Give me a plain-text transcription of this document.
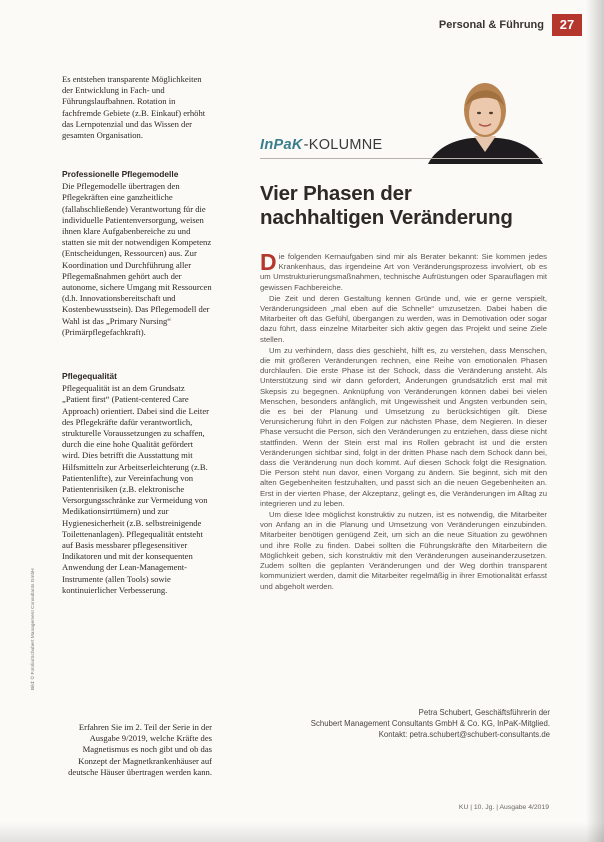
Personal & Führung	27

Es entstehen transparente Möglichkeiten der Entwicklung in Fach- und Führungslaufbahnen. Rotation in fachfremde Gebiete (z.B. Einkauf) erhöht das Lernpotenzial und das Wissen der gesamten Organisation.

Professionelle Pflegemodelle

Die Pflegemodelle übertragen den Pflegekräften eine ganzheitliche (fallabschließende) Verantwortung für die individuelle Patientenversorgung, weisen ihnen klare Aufgabenbereiche zu und statten sie mit der notwendigen Kompetenz (Entscheidungen, Ressourcen) aus. Zur Koordination und Durchführung aller Pflegemaßnahmen gehört auch der autonome, sichere Umgang mit Ressourcen (d.h. Innovationsbereitschaft und Kostenbewusstsein). Das Pflegemodell der Wahl ist das „Primary Nursing“ (Primärpflegefachkraft).

Pflegequalität

Pflegequalität ist an dem Grundsatz „Patient first“ (Patient-centered Care Approach) orientiert. Dabei sind die Leiter des Pflegekräfte dafür verantwortlich, strukturelle Voraussetzungen zu schaffen, durch die eine hohe Qualität gefördert wird. Dies betrifft die Ausstattung mit Hilfsmitteln zur Arbeitserleichterung (z.B. Patientenlifte), zur Vereinfachung von Patientenrisiken (z.B. elektronische Versorgungsschränke zur Vermeidung von Medikationsirrtümern) und zur Hygienesicherheit (z.B. selbstreinigende Toilettenanlagen). Pflegequalität entsteht auf Basis messbarer pflegesensitiver Indikatoren und mit der konsequenten Anwendung der Lean-Management-Instrumente (allen Tools) sowie kontinuierlicher Verbesserung.

Erfahren Sie im 2. Teil der Serie in der Ausgabe 9/2019, welche Kräfte des Magnetismus es noch gibt und ob das Konzept der Magnetkrankenhäuser auf deutsche Häuser übertragen werden kann.

Bild: © Fotolia/Schubert Management Consultants GmbH
InPaK-KOLUMNE
Vier Phasen der
nachhaltigen Veränderung

Die folgenden Kernaufgaben sind mir als Berater bekannt: Sie kommen jedes Krankenhaus, das irgendeine Art von Veränderungsprozess involviert, ob es um Umstrukturierungsmaßnahmen, technische Aufrüstungen oder Sparauflagen mit gewissen Fachbereiche.

Die Zeit und deren Gestaltung kennen Gründe und, wie er gerne verspielt, Veränderungsideen „mal eben auf die Schnelle“ umzusetzen. Dabei haben die Mitarbeiter oft das Gefühl, übergangen zu werden, was in Demotivation oder sogar dazu führt, dass einzelne Mitarbeiter sich aktiv gegen das Projekt und seine Ziele stellen.

Um zu verhindern, dass dies geschieht, hilft es, zu verstehen, dass Menschen, die mit größeren Veränderungen rechnen, eine Reihe von emotionalen Phasen durchlaufen. Die erste Phase ist der Schock, dass die Veränderung ansteht. Als Unterstützung sind wir dann gefordert, Änderungen grundsätzlich erst mal mit Skepsis zu begegnen. Anknüpfung von Veränderungen können dabei bei vielen Menschen, besonders anfänglich, mit Ungewissheit und Ängsten verbunden sein, die es bei der Planung und Umsetzung zu berücksichtigen gilt. Diese Verunsicherung führt in den Folgen zur nächsten Phase, dem Negieren. In dieser Phase versucht die Person, sich den Veränderungen zu entziehen, dass diese nicht stattfinden. Wenn der Stein erst mal ins Rollen gebracht ist und die ersten Veränderungen sichtbar sind, folgt in der dritten Phase nach dem Schock dann bei, dass die Veränderung nun doch kommt. Auf diesen Schock folgt die Resignation. Die Person steht nun davor, einen Vorgang zu ändern. Sie beginnt, sich mit den alten Gegebenheiten festzuhalten, und passt sich an die neuen Gegebenheiten an. Erst in der vierten Phase, der Akzeptanz, gelingt es, die Veränderungen im Alltag zu integrieren und zu leben.

Um diese Idee möglichst konstruktiv zu nutzen, ist es notwendig, die Mitarbeiter von Anfang an in die Planung und Umsetzung von Veränderungen einzubinden. Mitarbeiter benötigen genügend Zeit, um sich an die neue Situation zu gewöhnen und ihre Rolle zu finden. Dabei sollten die Führungskräfte den Mitarbeitern die Möglichkeit geben, sich konstruktiv mit den Veränderungen auseinanderzusetzen. Zudem sollten die geplanten Veränderungen und der Weg dorthin transparent kommuniziert werden, damit die Mitarbeiter regelmäßig in ihrer Emotionalität erfasst und abgeholt werden.

Petra Schubert, Geschäftsführerin der
Schubert Management Consultants GmbH & Co. KG, InPaK-Mitglied.
Kontakt: petra.schubert@schubert-consultants.de
KU | 10. Jg. | Ausgabe 4/2019
